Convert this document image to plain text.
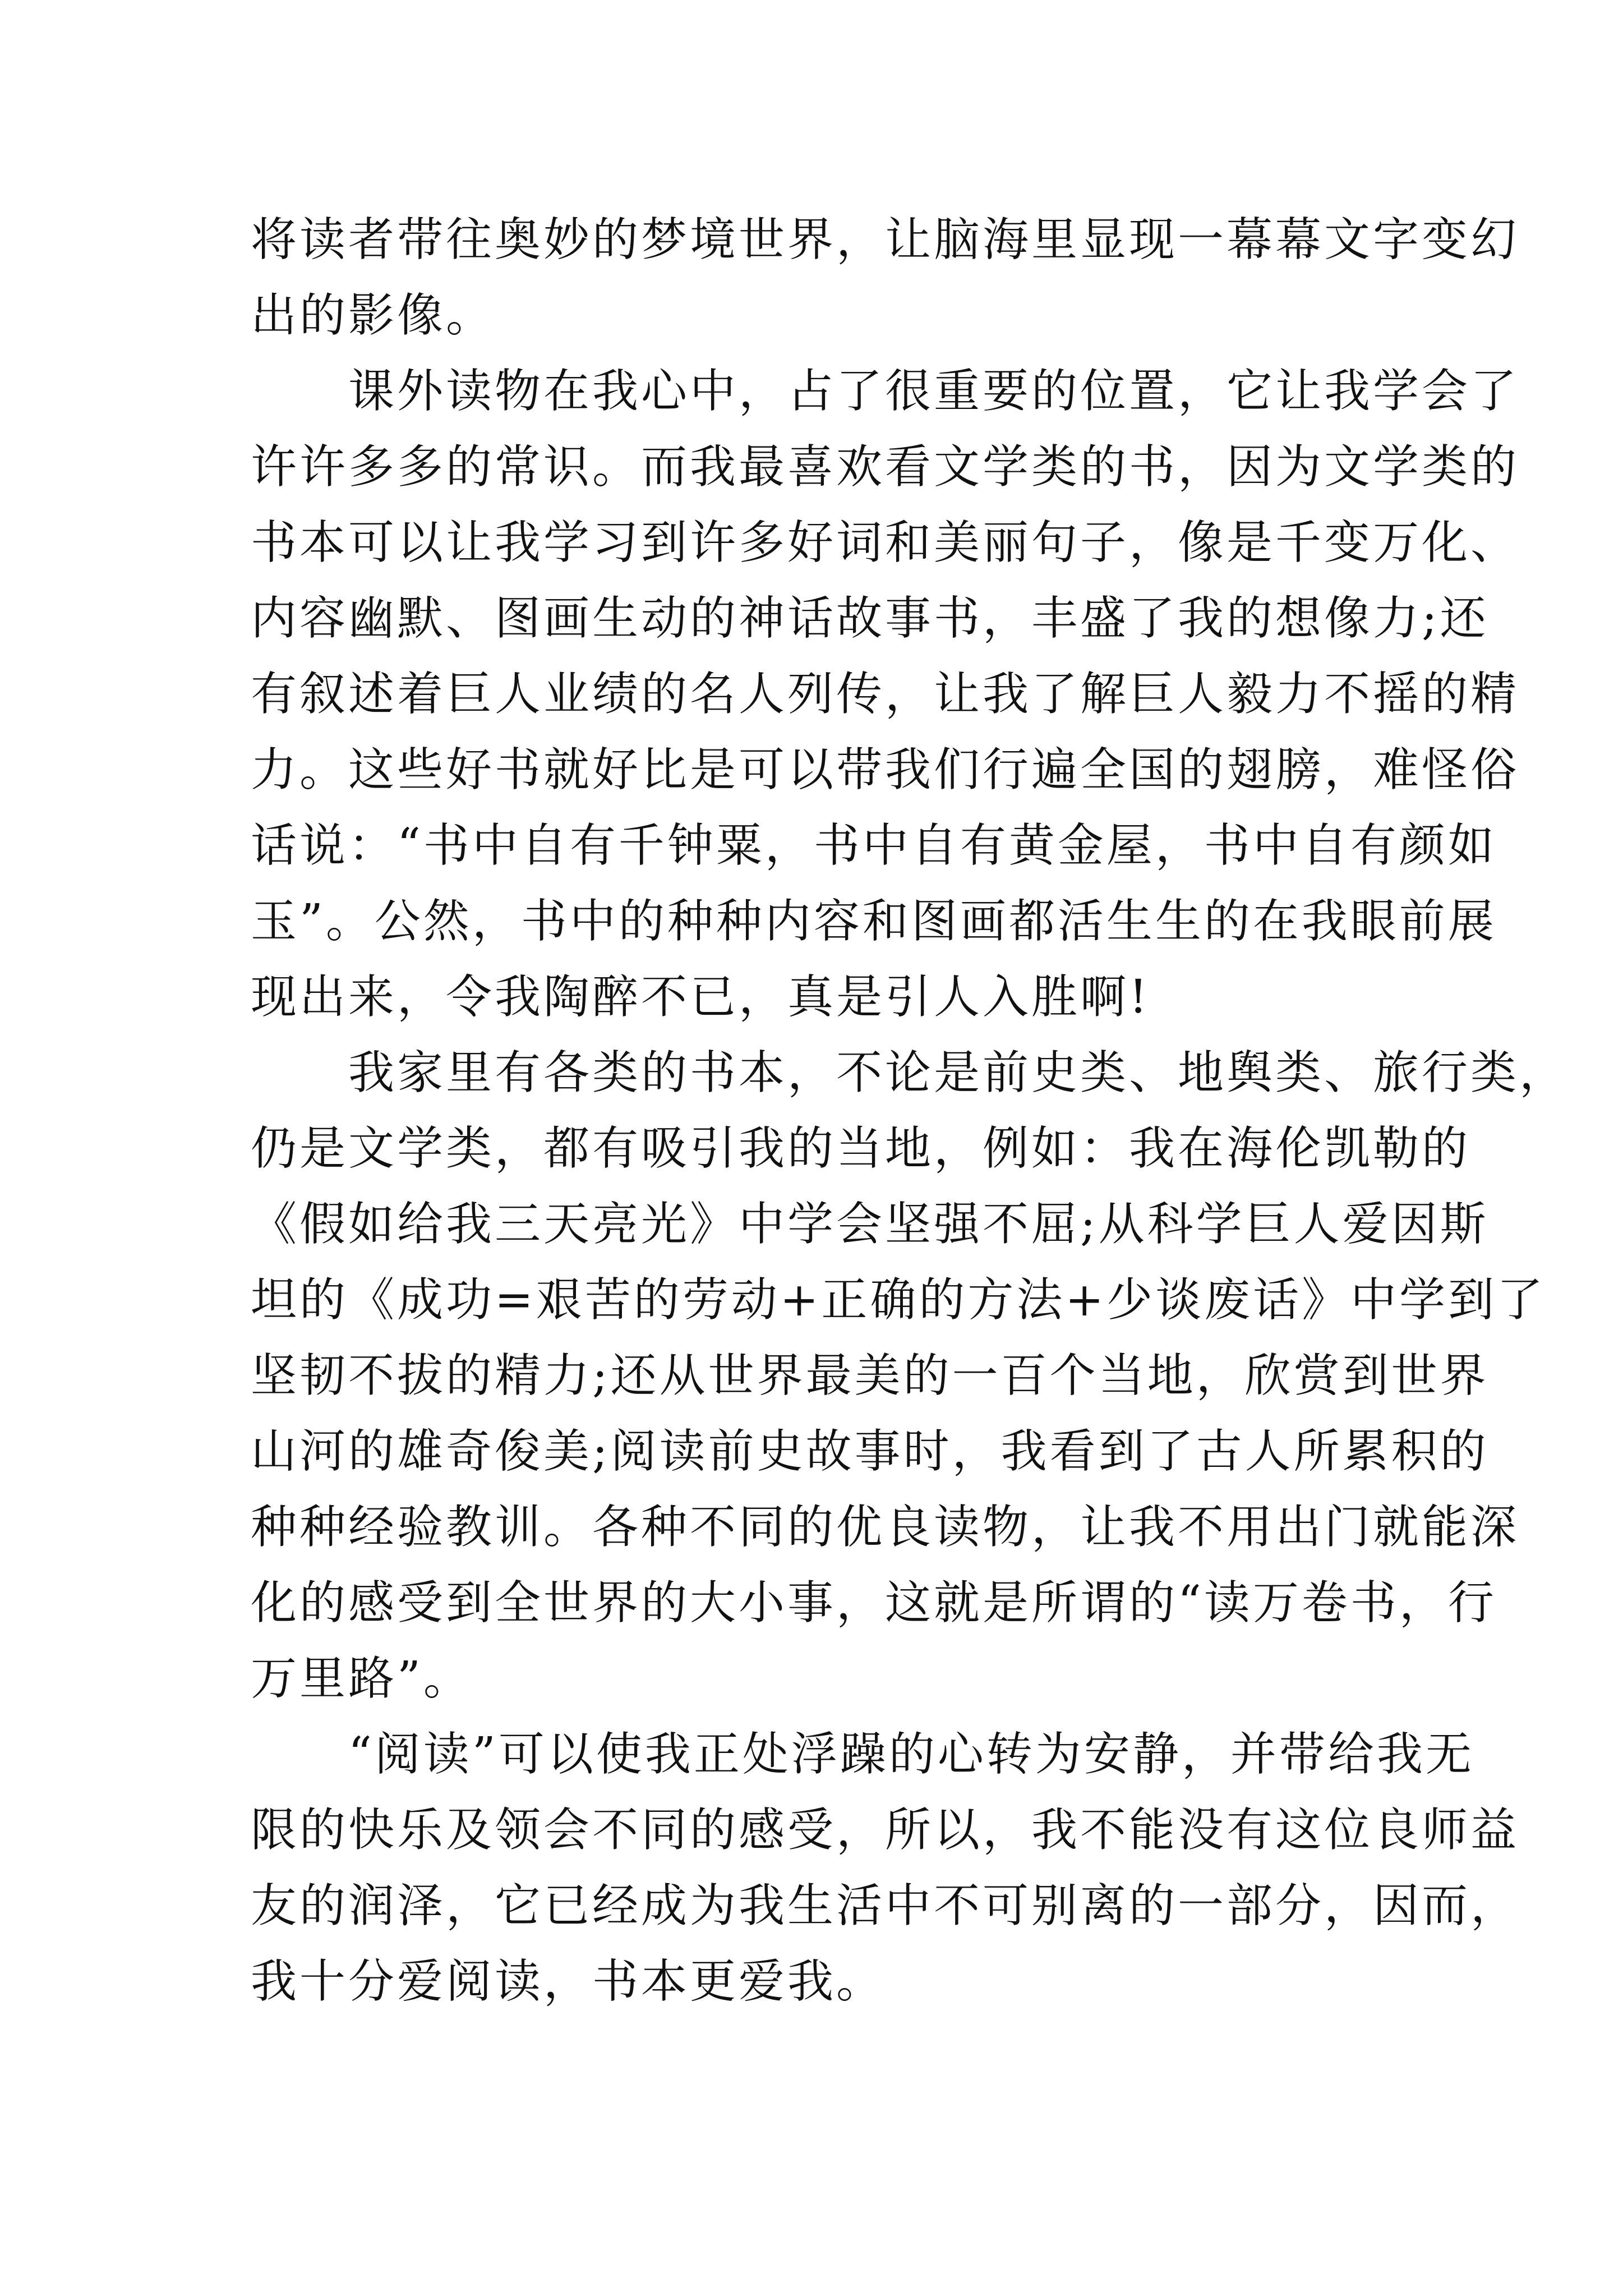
将读者带往奥妙的梦境世界，让脑海里显现一幕幕文字变幻
出的影像。
　　课外读物在我心中，占了很重要的位置，它让我学会了
许许多多的常识。而我最喜欢看文学类的书，因为文学类的
书本可以让我学习到许多好词和美丽句子，像是千变万化、
内容幽默、图画生动的神话故事书，丰盛了我的想像力;还
有叙述着巨人业绩的名人列传，让我了解巨人毅力不摇的精
力。这些好书就好比是可以带我们行遍全国的翅膀，难怪俗
话说：“书中自有千钟粟，书中自有黄金屋，书中自有颜如
玉”。公然，书中的种种内容和图画都活生生的在我眼前展
现出来，令我陶醉不已，真是引人入胜啊!
　　我家里有各类的书本，不论是前史类、地舆类、旅行类，
仍是文学类，都有吸引我的当地，例如：我在海伦凯勒的
《假如给我三天亮光》中学会坚强不屈;从科学巨人爱因斯
坦的《成功=艰苦的劳动+正确的方法+少谈废话》中学到了
坚韧不拔的精力;还从世界最美的一百个当地，欣赏到世界
山河的雄奇俊美;阅读前史故事时，我看到了古人所累积的
种种经验教训。各种不同的优良读物，让我不用出门就能深
化的感受到全世界的大小事，这就是所谓的“读万卷书，行
万里路”。
　　“阅读”可以使我正处浮躁的心转为安静，并带给我无
限的快乐及领会不同的感受，所以，我不能没有这位良师益
友的润泽，它已经成为我生活中不可别离的一部分，因而，
我十分爱阅读，书本更爱我。
